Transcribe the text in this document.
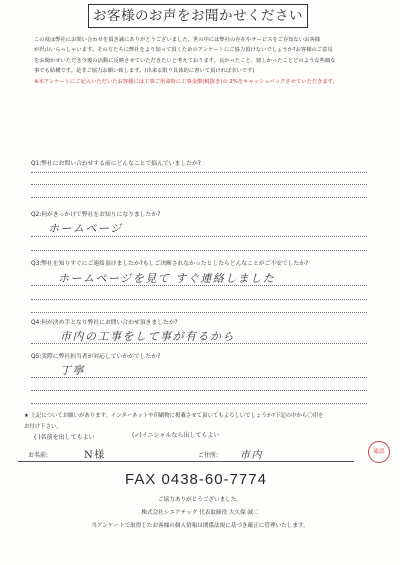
お客様のお声をお聞かせください
この度は弊社にお問い合わせを頂き誠にありがとうございました。世の中には弊社の存在やサービスをご存知ないお客様
が沢山いらっしゃいます。その方たちに弊社をより知って頂くためのアンケートにご協力頂けないでしょうか?お客様のご意見
をお聞かせいただき今後の活動に反映させていただきたいと考えております。良かったこと、嬉しかったことどのような些細な
事でも結構です。是非ご協力お願い致します。(出来る限り具体的に書いて頂ければ幸いです)
※本アンケートにご記入いただいたお客様には工事ご用命時に工事金額(税抜き)の 2%をキャッシュバックさせていただきます。
Q1:弊社にお問い合わせする前にどんなことで悩んでいましたか?
Q2:何がきっかけで弊社をお知りになりましたか?
ホームページ
Q3:弊社を知りすぐにご連絡頂けましたか?もしご決断されなかったとしたらどんなことがご不安でしたか?
ホームページを見て すぐ連絡しました
Q4:何が決め手となり弊社にお問い合わせ頂きましたか?
市内の工事をして事が有るから
Q5:実際に弊社担当者が対応していかがでしたか?
丁寧
★ 上記についてお願いがあります。インターネットや印刷物に掲載させて頂いてもよろしいでしょうか?下記の中から〇印を
お付け下さい。
( )名前を出してもよい	(✓)イニシャルなら出してもよい
お名前:	N様	ご住所: 市内	確認
FAX 0438-60-7774
ご協力ありがとうございました。
株式会社シエアテック 代表取締役 大久保 誠二
当アンケートで取得したお客様の個人情報は関係法規に基づき厳正に管理いたします。
